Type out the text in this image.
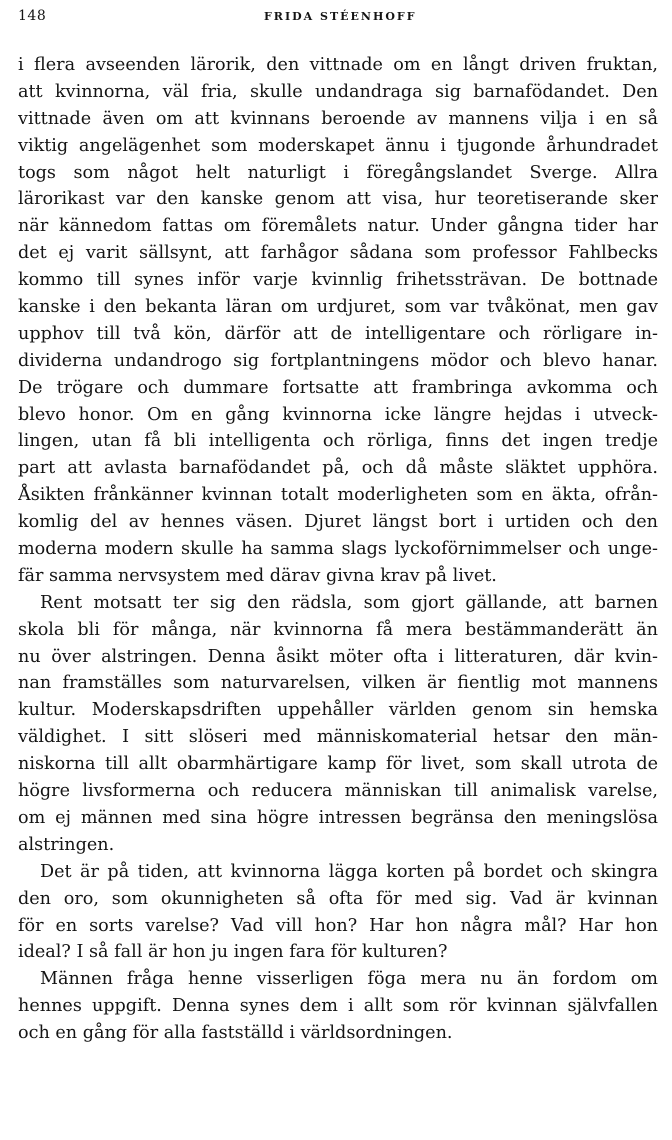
148	FRIDA STÉENHOFF
i flera avseenden lärorik, den vittnade om en långt driven fruktan,
att kvinnorna, väl fria, skulle undandraga sig barnafödandet. Den
vittnade även om att kvinnans beroende av mannens vilja i en så
viktig angelägenhet som moderskapet ännu i tjugonde århundradet
togs som något helt naturligt i föregångslandet Sverge. Allra
lärorikast var den kanske genom att visa, hur teoretiserande sker
när kännedom fattas om föremålets natur. Under gångna tider har
det ej varit sällsynt, att farhågor sådana som professor Fahlbecks
kommo till synes inför varje kvinnlig frihetssträvan. De bottnade
kanske i den bekanta läran om urdjuret, som var tvåkönat, men gav
upphov till två kön, därför att de intelligentare och rörligare in-
dividerna undandrogo sig fortplantningens mödor och blevo hanar.
De trögare och dummare fortsatte att frambringa avkomma och
blevo honor. Om en gång kvinnorna icke längre hejdas i utveck-
lingen, utan få bli intelligenta och rörliga, finns det ingen tredje
part att avlasta barnafödandet på, och då måste släktet upphöra.
Åsikten frånkänner kvinnan totalt moderligheten som en äkta, ofrån-
komlig del av hennes väsen. Djuret längst bort i urtiden och den
moderna modern skulle ha samma slags lyckoförnimmelser och unge-
fär samma nervsystem med därav givna krav på livet.
Rent motsatt ter sig den rädsla, som gjort gällande, att barnen
skola bli för många, när kvinnorna få mera bestämmanderätt än
nu över alstringen. Denna åsikt möter ofta i litteraturen, där kvin-
nan framställes som naturvarelsen, vilken är fientlig mot mannens
kultur. Moderskapsdriften uppehåller världen genom sin hemska
väldighet. I sitt slöseri med människomaterial hetsar den män-
niskorna till allt obarmhärtigare kamp för livet, som skall utrota de
högre livsformerna och reducera människan till animalisk varelse,
om ej männen med sina högre intressen begränsa den meningslösa
alstringen.
Det är på tiden, att kvinnorna lägga korten på bordet och skingra
den oro, som okunnigheten så ofta för med sig. Vad är kvinnan
för en sorts varelse? Vad vill hon? Har hon några mål? Har hon
ideal? I så fall är hon ju ingen fara för kulturen?
Männen fråga henne visserligen föga mera nu än fordom om
hennes uppgift. Denna synes dem i allt som rör kvinnan självfallen
och en gång för alla fastställd i världsordningen.
